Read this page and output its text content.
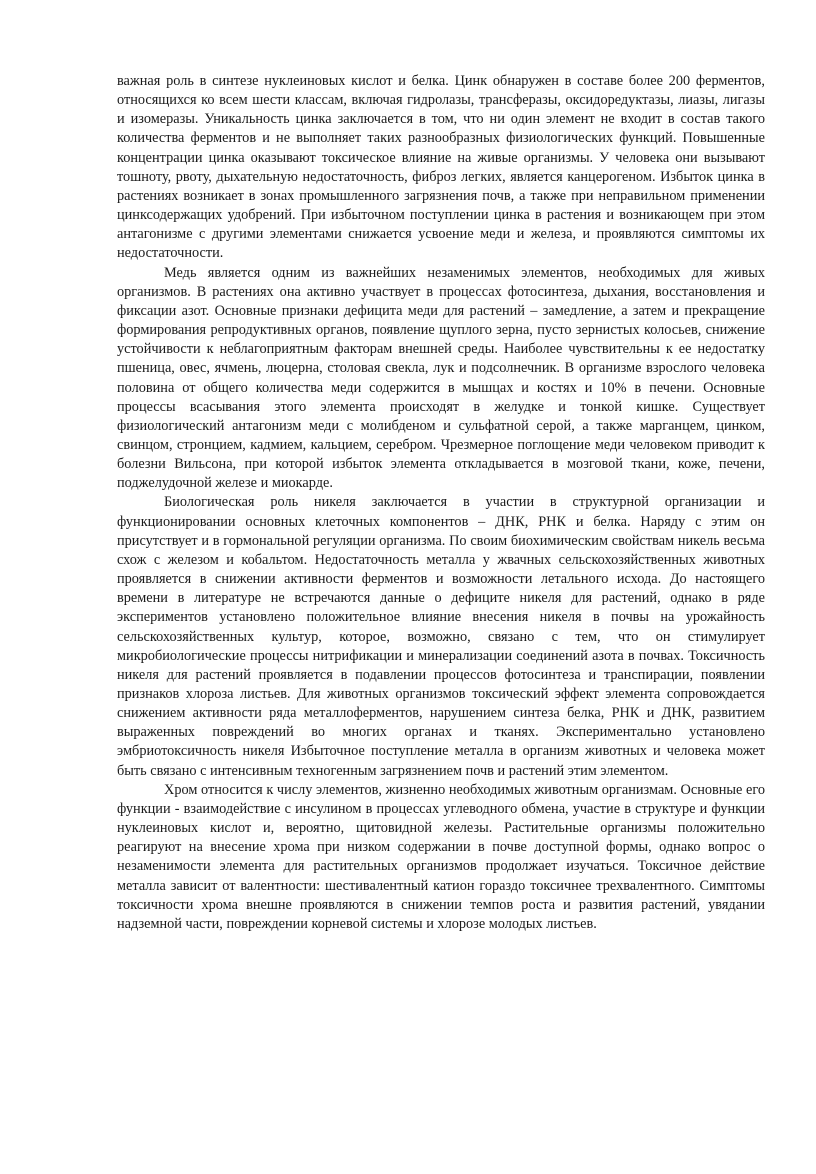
важная роль в синтезе нуклеиновых кислот и белка. Цинк обнаружен в составе более 200 ферментов, относящихся ко всем шести классам, включая гидролазы, трансферазы, оксидоредуктазы, лиазы, лигазы и изомеразы. Уникальность цинка заключается в том, что ни один элемент не входит в состав такого количества ферментов и не выполняет таких разнообразных физиологических функций. Повышенные концентрации цинка оказывают токсическое влияние на живые организмы. У человека они вызывают тошноту, рвоту, дыхательную недостаточность, фиброз легких, является канцерогеном. Избыток цинка в растениях возникает в зонах промышленного загрязнения почв, а также при неправильном применении цинксодержащих удобрений. При избыточном поступлении цинка в растения и возникающем при этом антагонизме с другими элементами снижается усвоение меди и железа, и проявляются симптомы их недостаточности.

Медь является одним из важнейших незаменимых элементов, необходимых для живых организмов. В растениях она активно участвует в процессах фотосинтеза, дыхания, восстановления и фиксации азот. Основные признаки дефицита меди для растений – замедление, а затем и прекращение формирования репродуктивных органов, появление щуплого зерна, пусто зернистых колосьев, снижение устойчивости к неблагоприятным факторам внешней среды. Наиболее чувствительны к ее недостатку пшеница, овес, ячмень, люцерна, столовая свекла, лук и подсолнечник. В организме взрослого человека половина от общего количества меди содержится в мышцах и костях и 10% в печени. Основные процессы всасывания этого элемента происходят в желудке и тонкой кишке. Существует физиологический антагонизм меди с молибденом и сульфатной серой, а также марганцем, цинком, свинцом, стронцием, кадмием, кальцием, серебром. Чрезмерное поглощение меди человеком приводит к болезни Вильсона, при которой избыток элемента откладывается в мозговой ткани, коже, печени, поджелудочной железе и миокарде.

Биологическая роль никеля заключается в участии в структурной организации и функционировании основных клеточных компонентов – ДНК, РНК и белка. Наряду с этим он присутствует и в гормональной регуляции организма. По своим биохимическим свойствам никель весьма схож с железом и кобальтом. Недостаточность металла у жвачных сельскохозяйственных животных проявляется в снижении активности ферментов и возможности летального исхода. До настоящего времени в литературе не встречаются данные о дефиците никеля для растений, однако в ряде экспериментов установлено положительное влияние внесения никеля в почвы на урожайность сельскохозяйственных культур, которое, возможно, связано с тем, что он стимулирует микробиологические процессы нитрификации и минерализации соединений азота в почвах. Токсичность никеля для растений проявляется в подавлении процессов фотосинтеза и транспирации, появлении признаков хлороза листьев. Для животных организмов токсический эффект элемента сопровождается снижением активности ряда металлоферментов, нарушением синтеза белка, РНК и ДНК, развитием выраженных повреждений во многих органах и тканях. Экспериментально установлено эмбриотоксичность никеля Избыточное поступление металла в организм животных и человека может быть связано с интенсивным техногенным загрязнением почв и растений этим элементом.

Хром относится к числу элементов, жизненно необходимых животным организмам. Основные его функции - взаимодействие с инсулином в процессах углеводного обмена, участие в структуре и функции нуклеиновых кислот и, вероятно, щитовидной железы. Растительные организмы положительно реагируют на внесение хрома при низком содержании в почве доступной формы, однако вопрос о незаменимости элемента для растительных организмов продолжает изучаться. Токсичное действие металла зависит от валентности: шестивалентный катион гораздо токсичнее трехвалентного. Симптомы токсичности хрома внешне проявляются в снижении темпов роста и развития растений, увядании надземной части, повреждении корневой системы и хлорозе молодых листьев.
